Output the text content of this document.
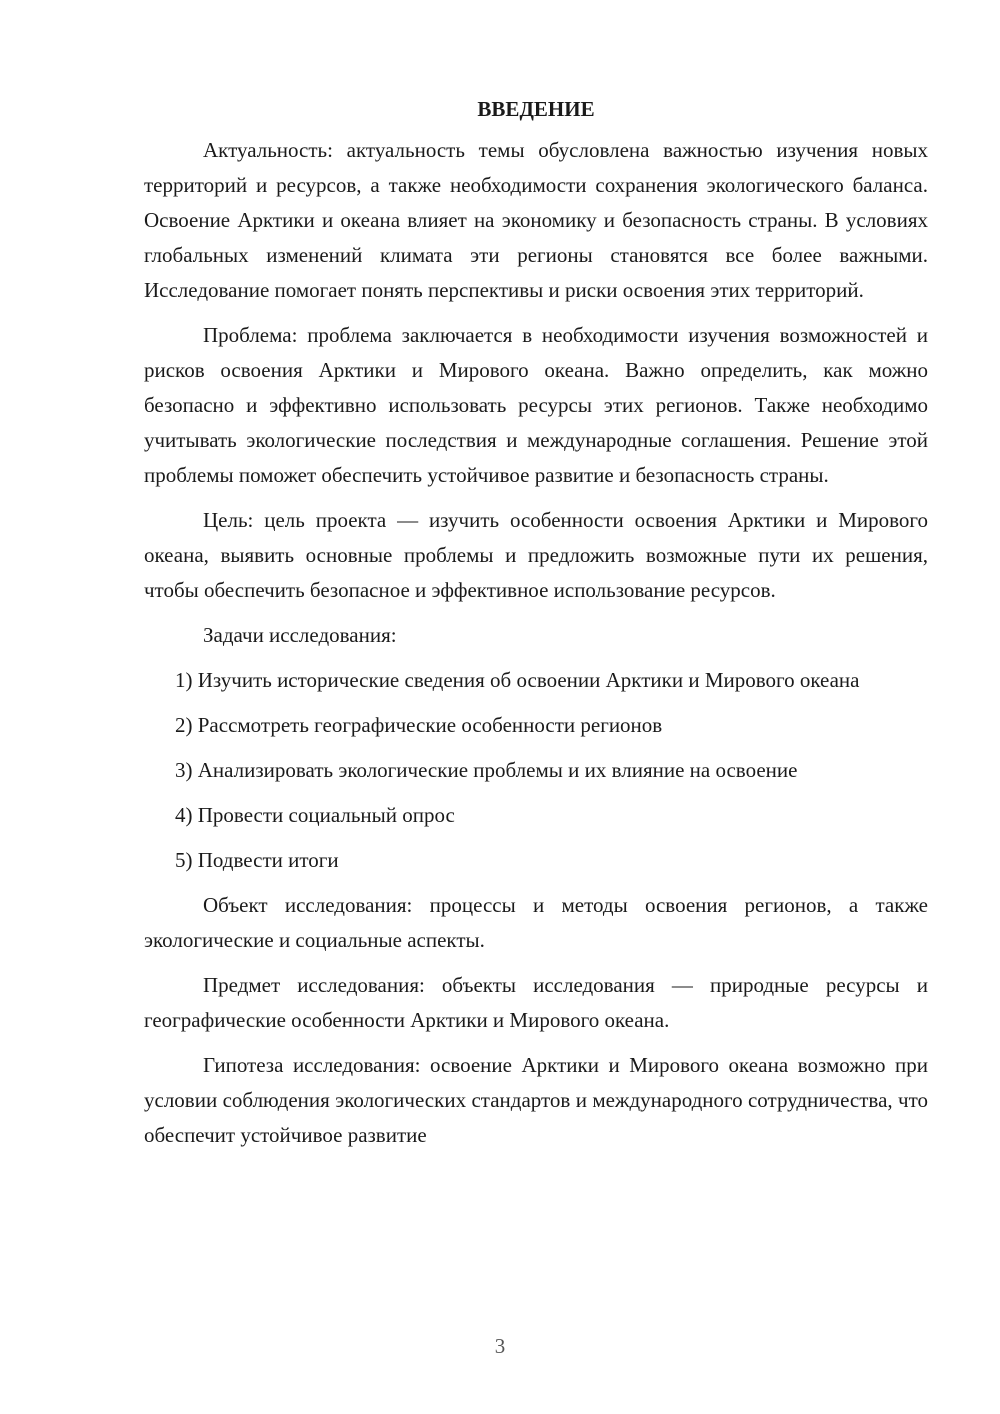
ВВЕДЕНИЕ

Актуальность: актуальность темы обусловлена важностью изучения новых территорий и ресурсов, а также необходимости сохранения экологического баланса. Освоение Арктики и океана влияет на экономику и безопасность страны. В условиях глобальных изменений климата эти регионы становятся все более важными. Исследование помогает понять перспективы и риски освоения этих территорий.

Проблема: проблема заключается в необходимости изучения возможностей и рисков освоения Арктики и Мирового океана. Важно определить, как можно безопасно и эффективно использовать ресурсы этих регионов. Также необходимо учитывать экологические последствия и международные соглашения. Решение этой проблемы поможет обеспечить устойчивое развитие и безопасность страны.

Цель: цель проекта — изучить особенности освоения Арктики и Мирового океана, выявить основные проблемы и предложить возможные пути их решения, чтобы обеспечить безопасное и эффективное использование ресурсов.

Задачи исследования:

1) Изучить исторические сведения об освоении Арктики и Мирового океана

2) Рассмотреть географические особенности регионов

3) Анализировать экологические проблемы и их влияние на освоение

4) Провести социальный опрос

5) Подвести итоги

Объект исследования: процессы и методы освоения регионов, а также экологические и социальные аспекты.

Предмет исследования: объекты исследования — природные ресурсы и географические особенности Арктики и Мирового океана.

Гипотеза исследования: освоение Арктики и Мирового океана возможно при условии соблюдения экологических стандартов и международного сотрудничества, что обеспечит устойчивое развитие

3
